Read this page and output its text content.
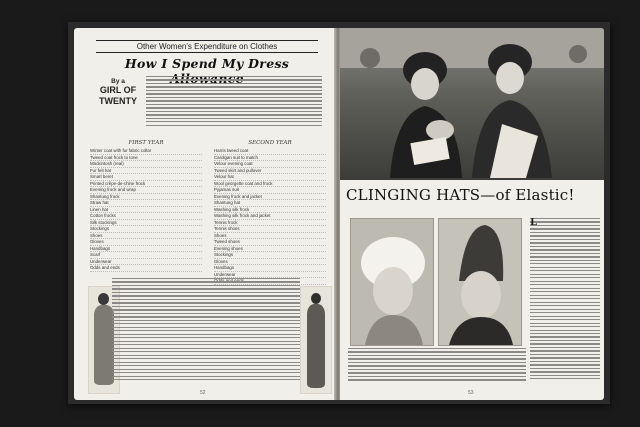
Other Women's Expenditure on Clothes
How I Spend My Dress
By a
GIRL OF
TWENTY
FIRST YEAR
Winter coat with fur fabric collar
Tweed coat frock to tone
Mackintosh (real)
Fur felt hat
Smart beret
Printed crêpe-de-chine frock
Evening frock and wrap
Shantung frock
Straw hat
Linen hat
Cotton frocks
Silk stockings
Stockings
Shoes
Gloves
Handbags
Scarf
Underwear
Odds and ends
SECOND YEAR
Harris tweed coat
Cardigan suit to match
Velour evening coat
Tweed skirt and pullover
Velour hat
Wool georgette coat and frock
Pyjamas suit
Evening frock and jacket
Shantung hat
Washing silk frock
Washing silk frock and jacket
Tennis frock
Tennis shoes
Shoes
Tweed shoes
Evening shoes
Stockings
Gloves
Handbags
Underwear
52
CLINGING HATS—of Elastic!
L
53
